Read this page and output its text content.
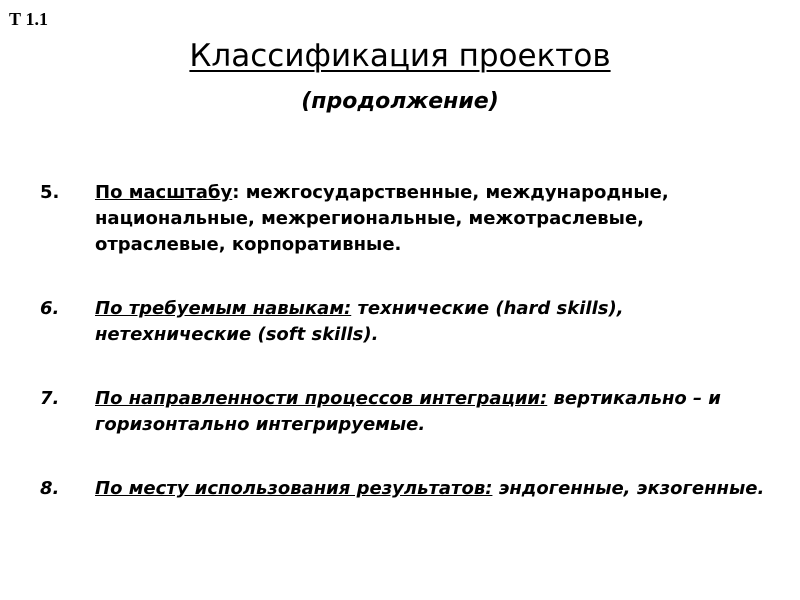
Т 1.1
Классификация проектов
(продолжение)
5. По масштабу: межгосударственные, международные, национальные, межрегиональные, межотраслевые, отраслевые, корпоративные.
6. По требуемым навыкам: технические (hard skills), нетехнические (soft skills).
7. По направленности процессов интеграции: вертикально – и горизонтально интегрируемые.
8. По месту использования результатов: эндогенные, экзогенные.
